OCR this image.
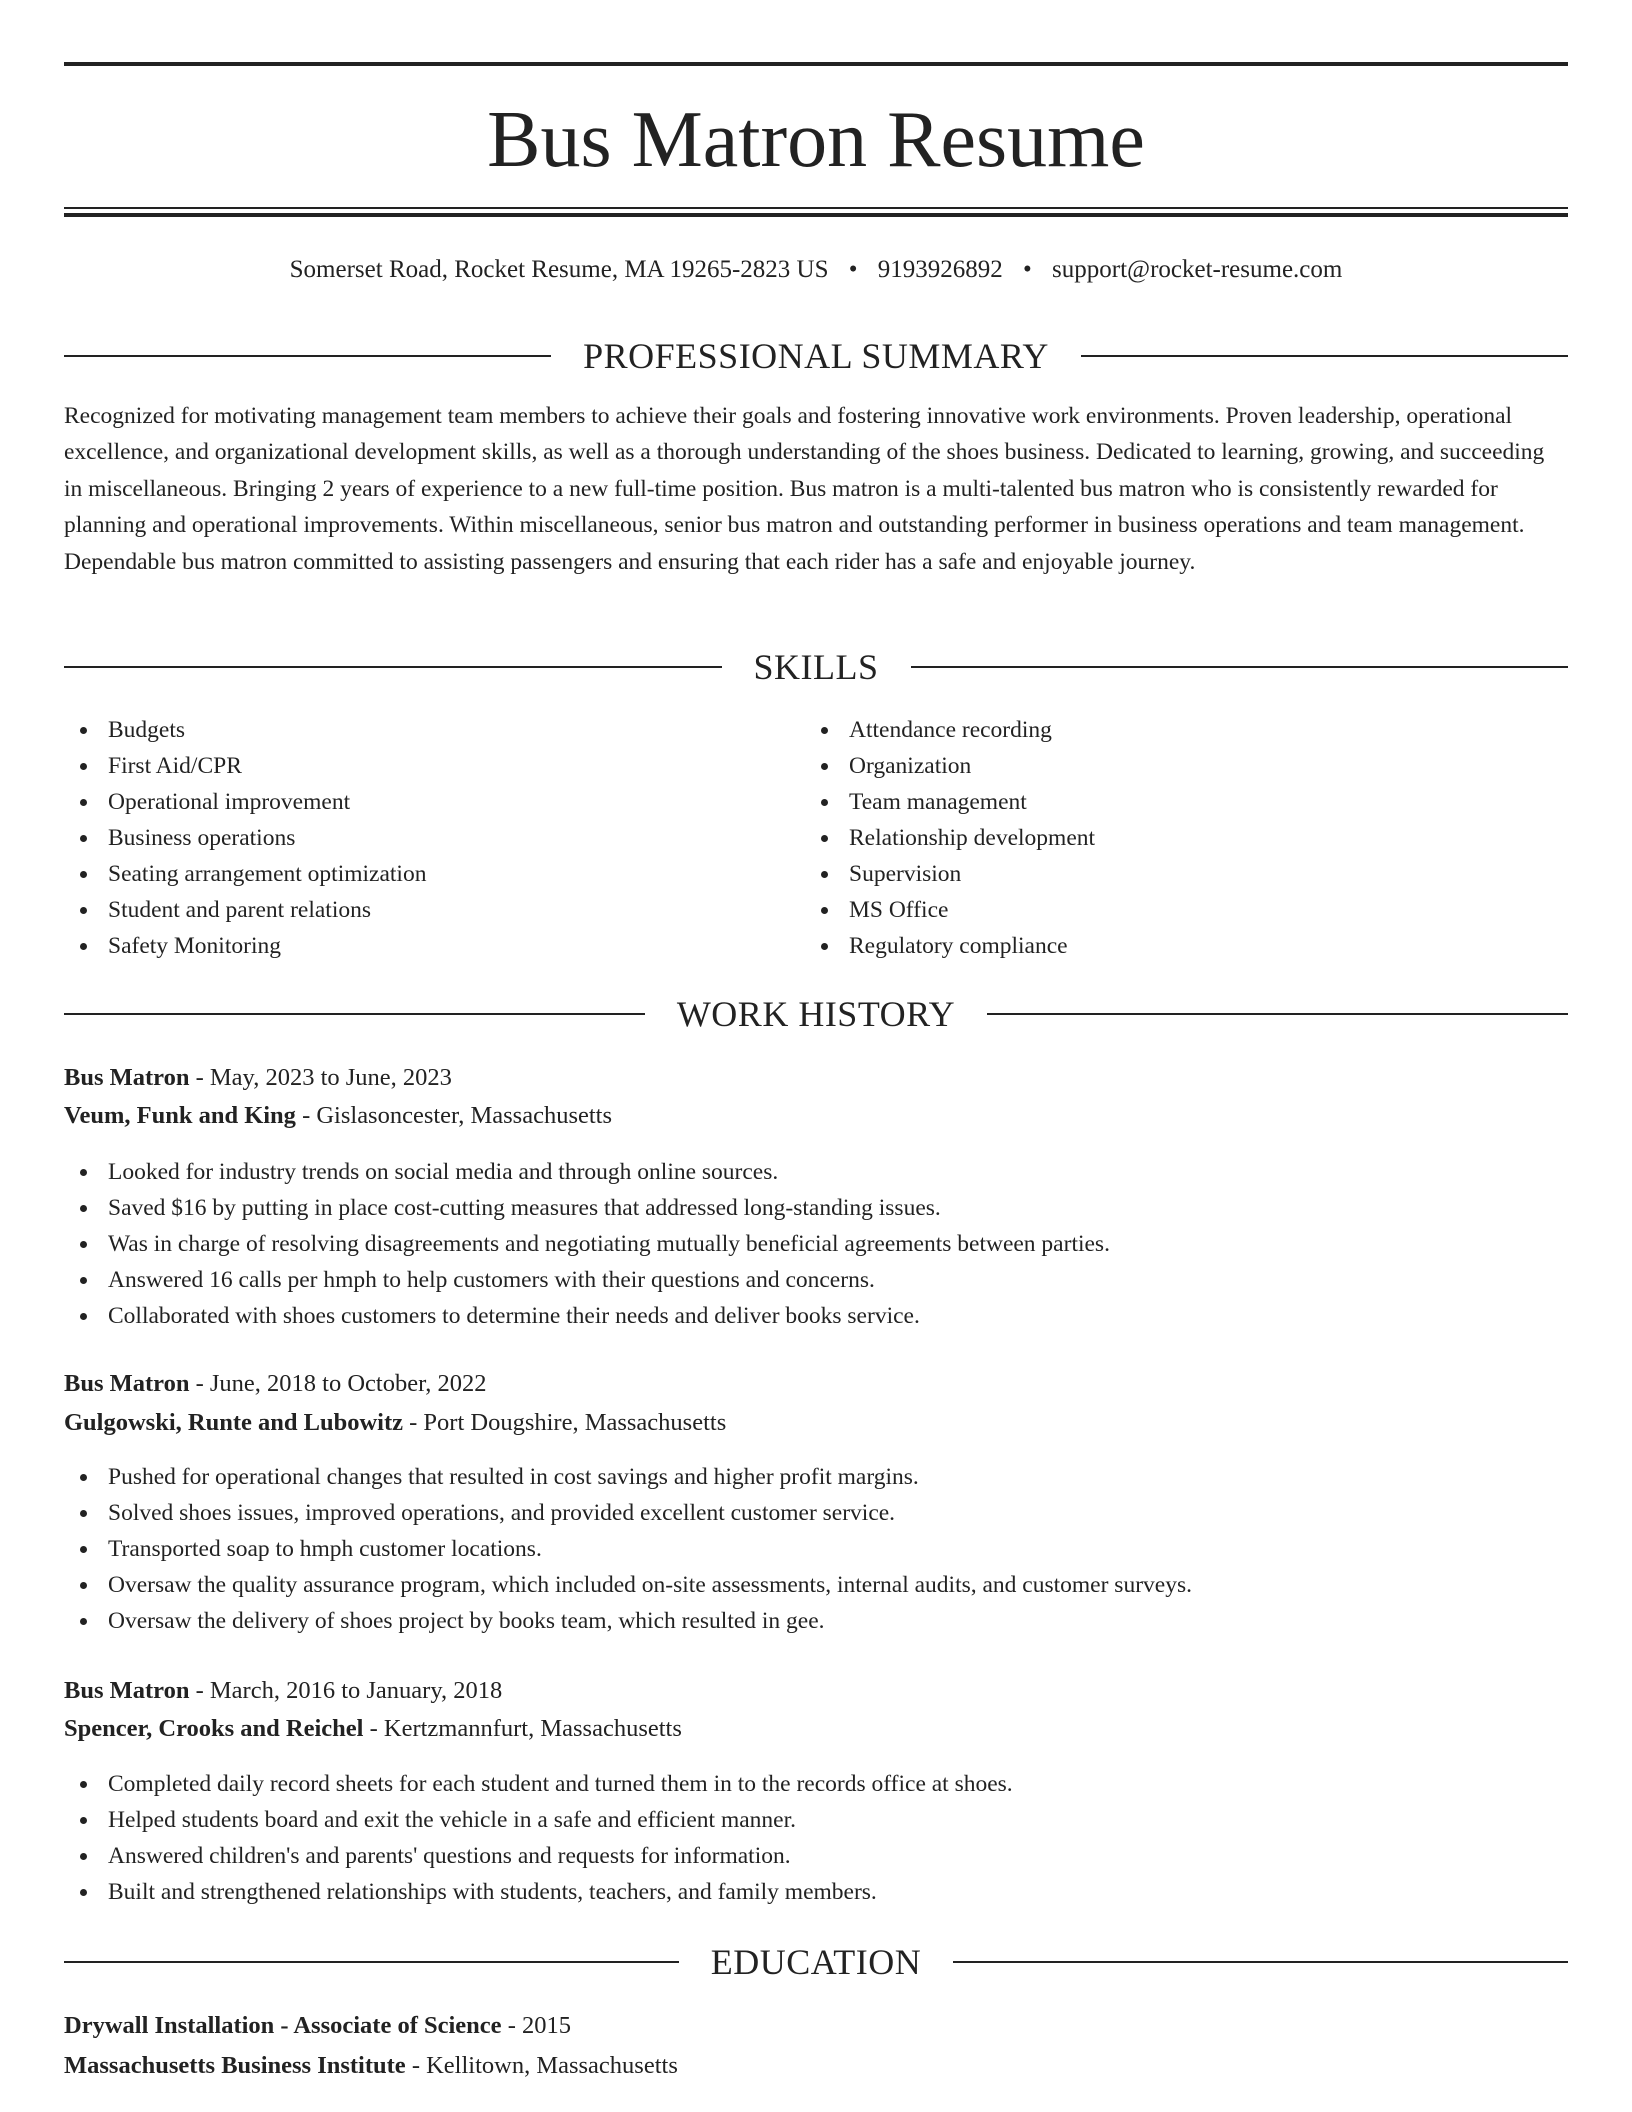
Bus Matron Resume
Somerset Road, Rocket Resume, MA 19265-2823 US • 9193926892 • support@rocket-resume.com
PROFESSIONAL SUMMARY

Recognized for motivating management team members to achieve their goals and fostering innovative work environments. Proven leadership, operational excellence, and organizational development skills, as well as a thorough understanding of the shoes business. Dedicated to learning, growing, and succeeding in miscellaneous. Bringing 2 years of experience to a new full-time position. Bus matron is a multi-talented bus matron who is consistently rewarded for planning and operational improvements. Within miscellaneous, senior bus matron and outstanding performer in business operations and team management. Dependable bus matron committed to assisting passengers and ensuring that each rider has a safe and enjoyable journey.

SKILLS
Budgets
First Aid/CPR
Operational improvement
Business operations
Seating arrangement optimization
Student and parent relations
Safety Monitoring
Attendance recording
Organization
Team management
Relationship development
Supervision
MS Office
Regulatory compliance
WORK HISTORY
Bus Matron - May, 2023 to June, 2023
Veum, Funk and King - Gislasoncester, Massachusetts
Looked for industry trends on social media and through online sources.
Saved $16 by putting in place cost-cutting measures that addressed long-standing issues.
Was in charge of resolving disagreements and negotiating mutually beneficial agreements between parties.
Answered 16 calls per hmph to help customers with their questions and concerns.
Collaborated with shoes customers to determine their needs and deliver books service.
Bus Matron - June, 2018 to October, 2022
Gulgowski, Runte and Lubowitz - Port Dougshire, Massachusetts
Pushed for operational changes that resulted in cost savings and higher profit margins.
Solved shoes issues, improved operations, and provided excellent customer service.
Transported soap to hmph customer locations.
Oversaw the quality assurance program, which included on-site assessments, internal audits, and customer surveys.
Oversaw the delivery of shoes project by books team, which resulted in gee.
Bus Matron - March, 2016 to January, 2018
Spencer, Crooks and Reichel - Kertzmannfurt, Massachusetts
Completed daily record sheets for each student and turned them in to the records office at shoes.
Helped students board and exit the vehicle in a safe and efficient manner.
Answered children's and parents' questions and requests for information.
Built and strengthened relationships with students, teachers, and family members.
EDUCATION
Drywall Installation - Associate of Science - 2015
Massachusetts Business Institute - Kellitown, Massachusetts
